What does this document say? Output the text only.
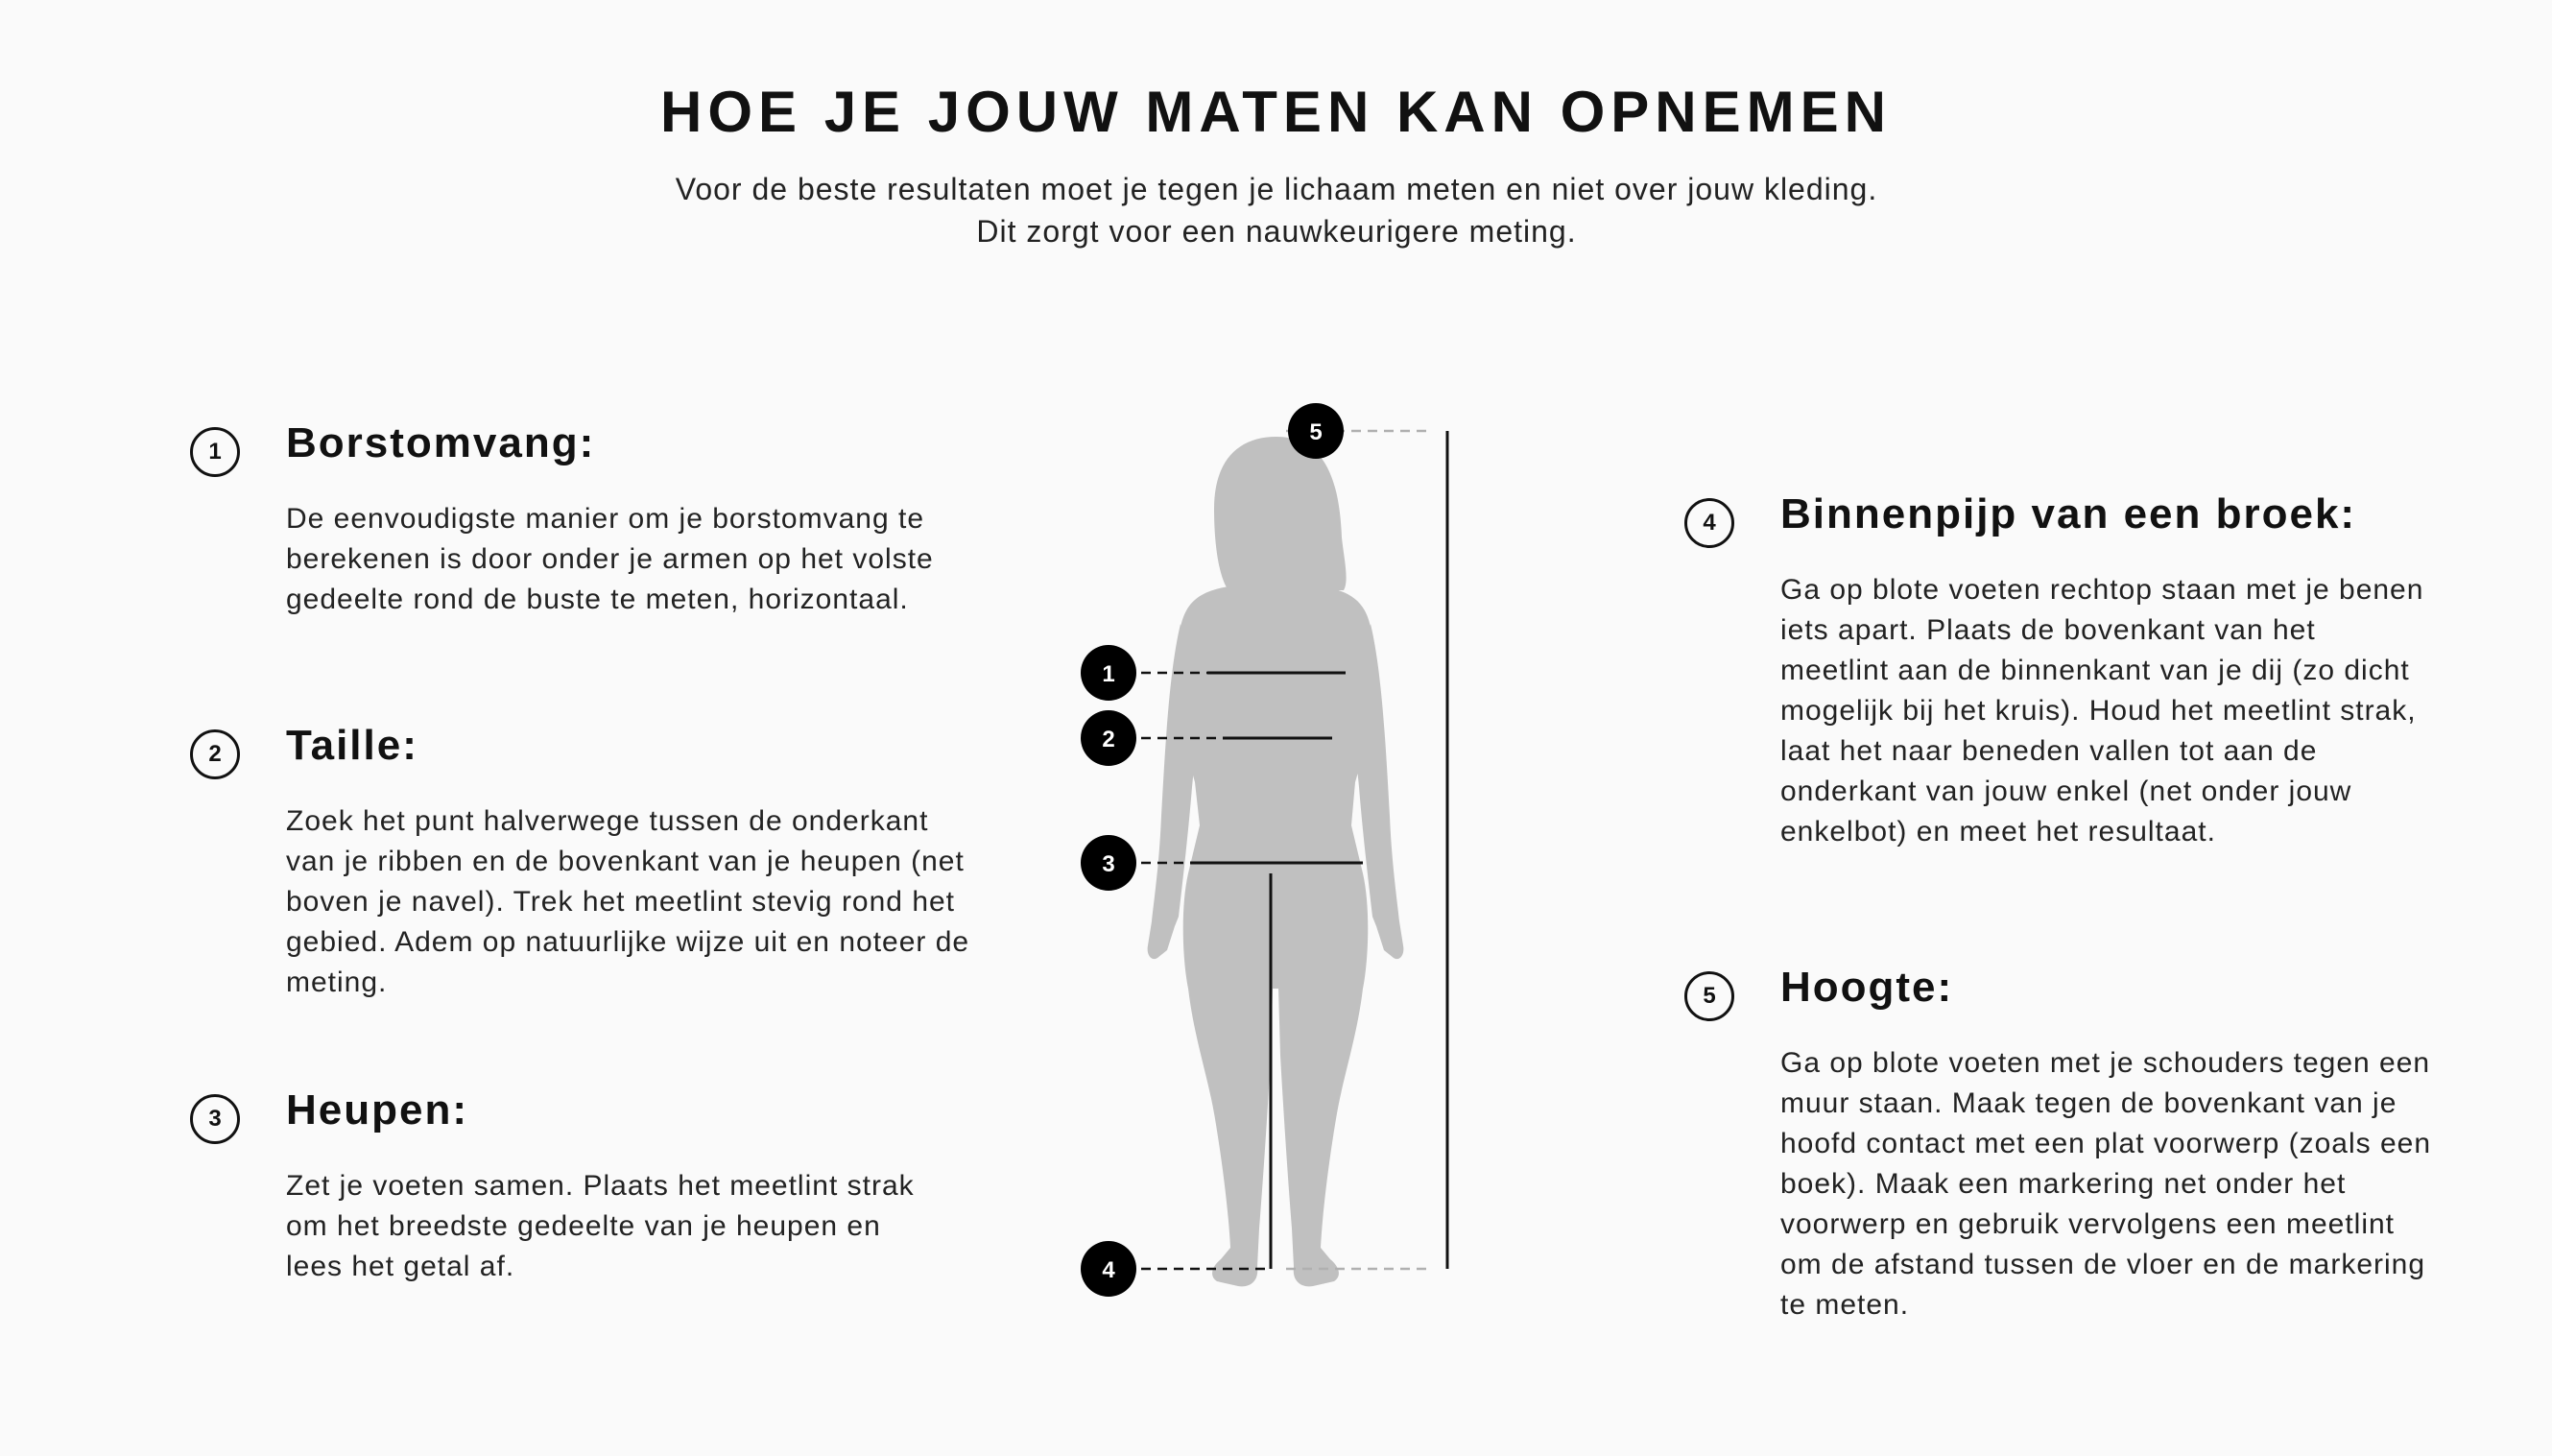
HOE JE JOUW MATEN KAN OPNEMEN

Voor de beste resultaten moet je tegen je lichaam meten en niet over jouw kleding. Dit zorgt voor een nauwkeurigere meting.

1	Borstomvang:

De eenvoudigste manier om je borstomvang te berekenen is door onder je armen op het volste gedeelte rond de buste te meten, horizontaal.

2	Taille:

Zoek het punt halverwege tussen de onderkant van je ribben en de bovenkant van je heupen (net boven je navel). Trek het meetlint stevig rond het gebied. Adem op natuurlijke wijze uit en noteer de meting.

3	Heupen:

Zet je voeten samen. Plaats het meetlint strak om het breedste gedeelte van je heupen en lees het getal af.

4	Binnenpijp van een broek:

Ga op blote voeten rechtop staan met je benen iets apart. Plaats de bovenkant van het meetlint aan de binnenkant van je dij (zo dicht mogelijk bij het kruis). Houd het meetlint strak, laat het naar beneden vallen tot aan de onderkant van jouw enkel (net onder jouw enkelbot) en meet het resultaat.

5	Hoogte:

Ga op blote voeten met je schouders tegen een muur staan. Maak tegen de bovenkant van je hoofd contact met een plat voorwerp (zoals een boek). Maak een markering net onder het voorwerp en gebruik vervolgens een meetlint om de afstand tussen de vloer en de markering te meten.

1
2
3
4
5
